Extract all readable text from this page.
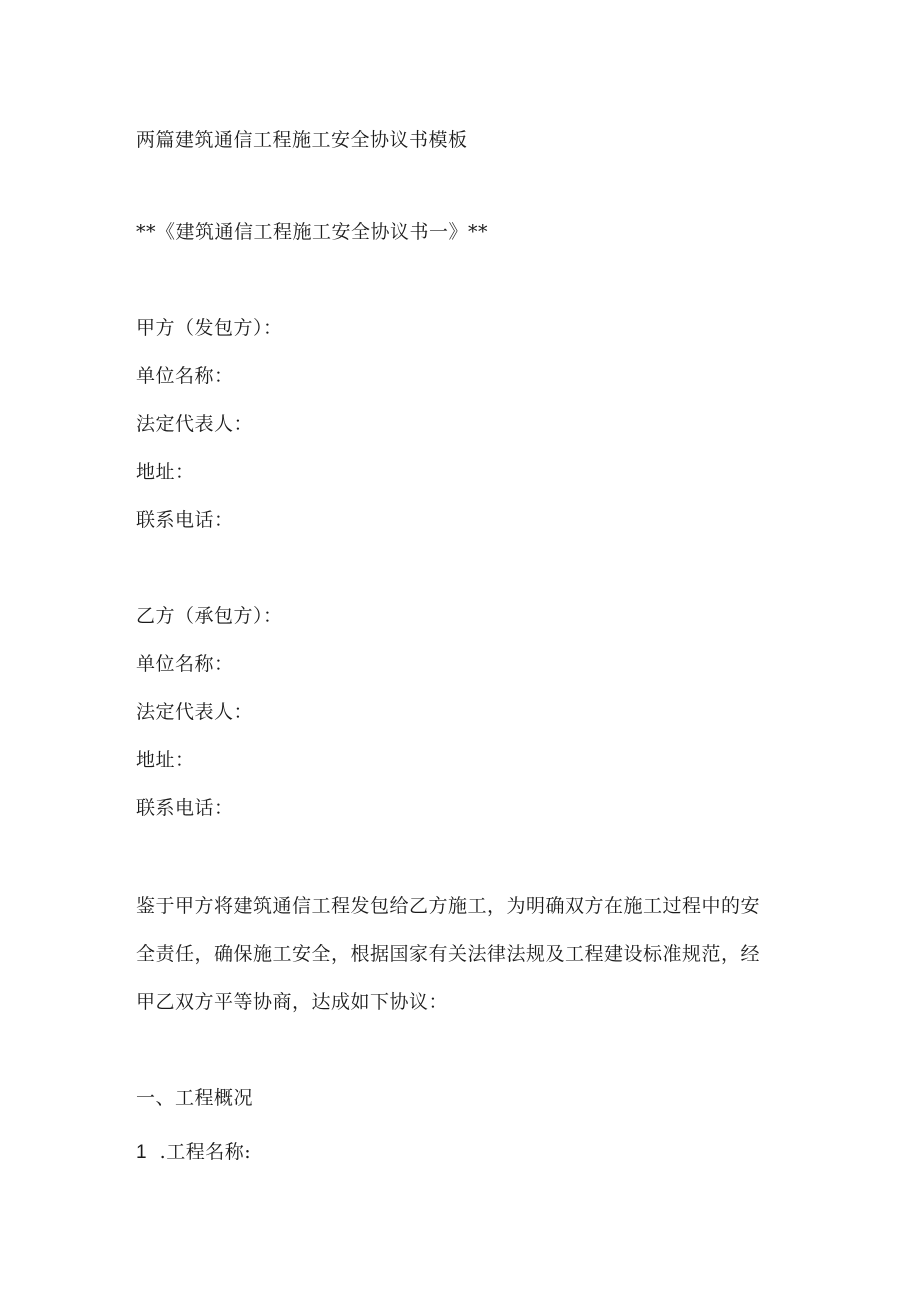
两篇建筑通信工程施工安全协议书模板
**《建筑通信工程施工安全协议书一》**
甲方（发包方）：
单位名称：
法定代表人：
地址：
联系电话：
乙方（承包方）：
单位名称：
法定代表人：
地址：
联系电话：
鉴于甲方将建筑通信工程发包给乙方施工，为明确双方在施工过程中的安
全责任，确保施工安全，根据国家有关法律法规及工程建设标准规范，经
甲乙双方平等协商，达成如下协议：
一、工程概况
1 .工程名称:
